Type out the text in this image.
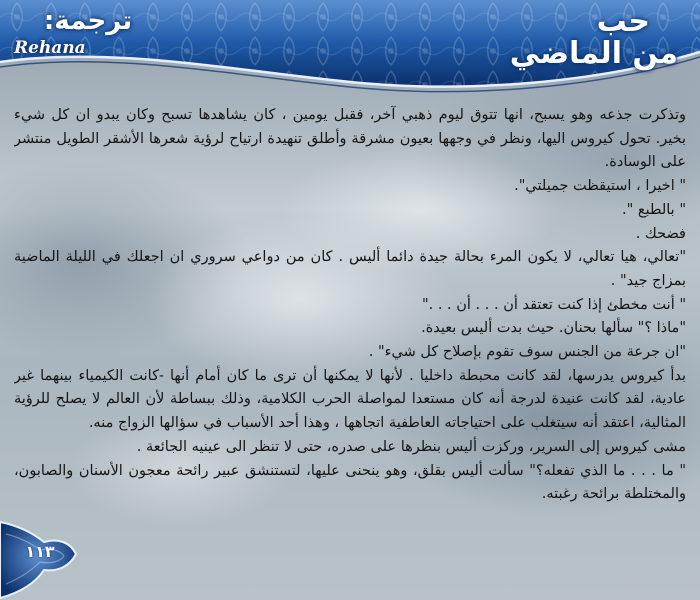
ترجمة:
Rehana
حب
من الماضي

وتذكرت جذعه وهو يسبح، انها تتوق ليوم ذهبي آخر، فقبل يومين ، كان يشاهدها تسبح وكان يبدو ان كل شيء بخير. تحول كيروس اليها، ونظر في وجهها بعيون مشرقة وأطلق تنهيدة ارتياح لرؤية شعرها الأشقر الطويل منتشر على الوسادة.

" اخيرا ، استيقظت جميلتي".

" بالطبع ".

فضحك .

"تعالي، هيا تعالي، لا يكون المرء بحالة جيدة دائما أليس . كان من دواعي سروري ان اجعلك في الليلة الماضية بمزاج جيد" .

" أنت مخطئ إذا كنت تعتقد أن . . . أن . . ."

"ماذا ؟" سألها بحنان. حيث بدت أليس بعيدة.

"ان جرعة من الجنس سوف تقوم بإصلاح كل شيء" .

بدأ كيروس يدرسها، لقد كانت محبطة داخليا . لأنها لا يمكنها أن ترى ما كان أمام أنها -كانت الكيمياء بينهما غير عادية، لقد كانت عنيدة لدرجة أنه كان مستعدا لمواصلة الحرب الكلامية، وذلك ببساطة لأن العالم لا يصلح للرؤية المثالية، اعتقد أنه سيتغلب على احتياجاته العاطفية اتجاهها ، وهذا أحد الأسباب في سؤالها الزواج منه.

مشى كيروس إلى السرير، وركزت أليس بنظرها على صدره، حتى لا تنظر الى عينيه الجائعة .

" ما . . . ما الذي تفعله؟" سألت أليس بقلق، وهو ينحنى عليها، لتستنشق عبير رائحة معجون الأسنان والصابون، والمختلطة برائحة رغبته.

١١٣
